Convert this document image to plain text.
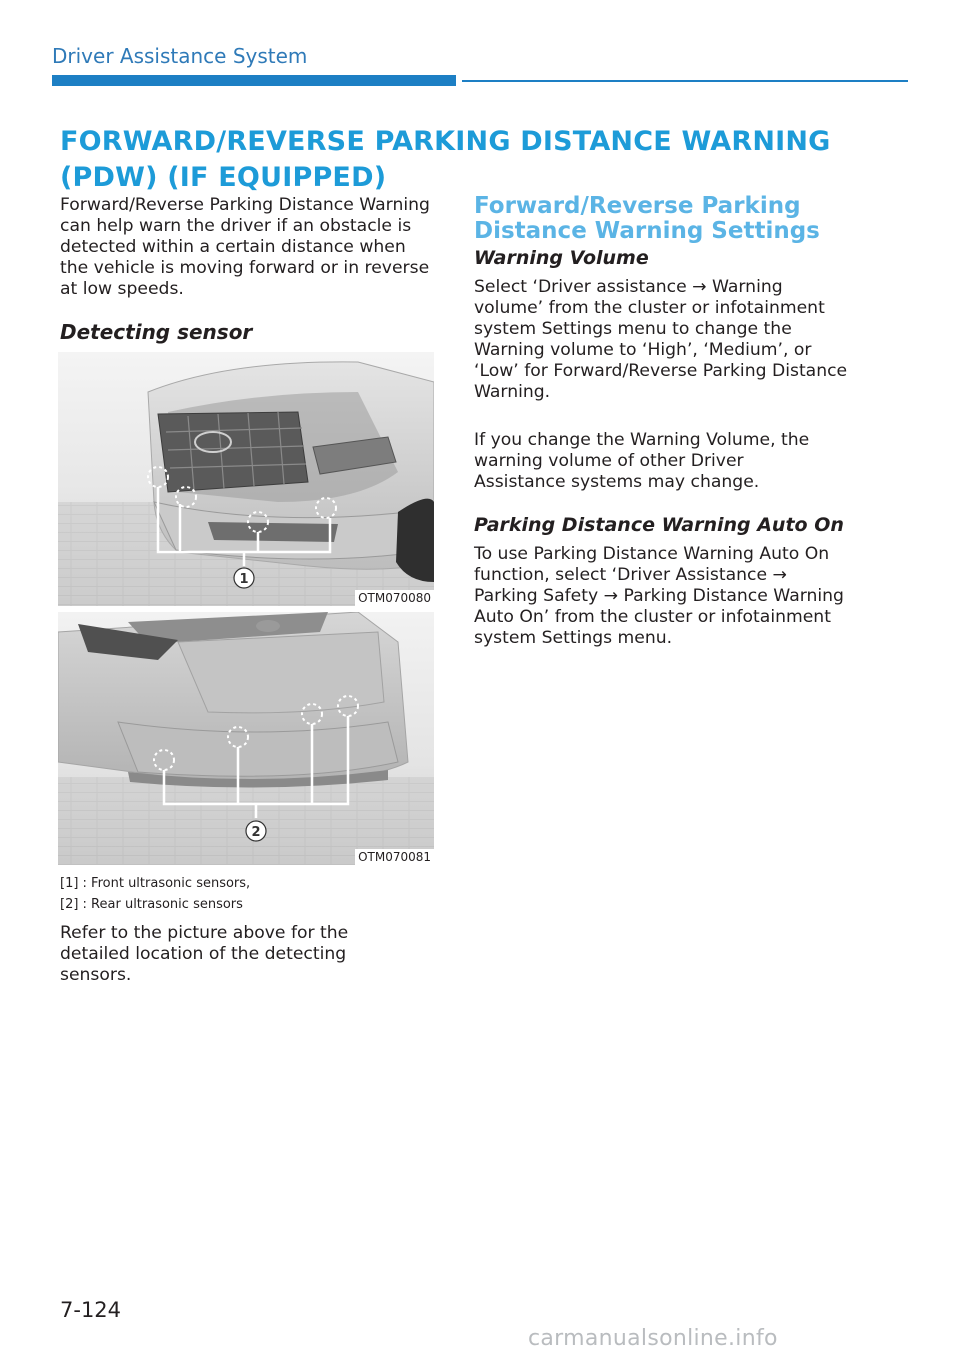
Driver Assistance System
FORWARD/REVERSE PARKING DISTANCE WARNING (PDW) (IF EQUIPPED)
Forward/Reverse Parking Distance Warning can help warn the driver if an obstacle is detected within a certain distance when the vehicle is moving forward or in reverse at low speeds.
Detecting sensor
1
OTM070080
2
OTM070081
[1] : Front ultrasonic sensors,
[2] : Rear ultrasonic sensors
Refer to the picture above for the detailed location of the detecting sensors.
Forward/Reverse Parking Distance Warning Settings
Warning Volume
Select ‘Driver assistance → Warning volume’ from the cluster or infotainment system Settings menu to change the Warning volume to ‘High’, ‘Medium’, or ‘Low’ for Forward/Reverse Parking Distance Warning.
If you change the Warning Volume, the warning volume of other Driver Assistance systems may change.
Parking Distance Warning Auto On
To use Parking Distance Warning Auto On function, select ‘Driver Assistance → Parking Safety → Parking Distance Warning Auto On’ from the cluster or infotainment system Settings menu.
7-124
carmanualsonline.info
